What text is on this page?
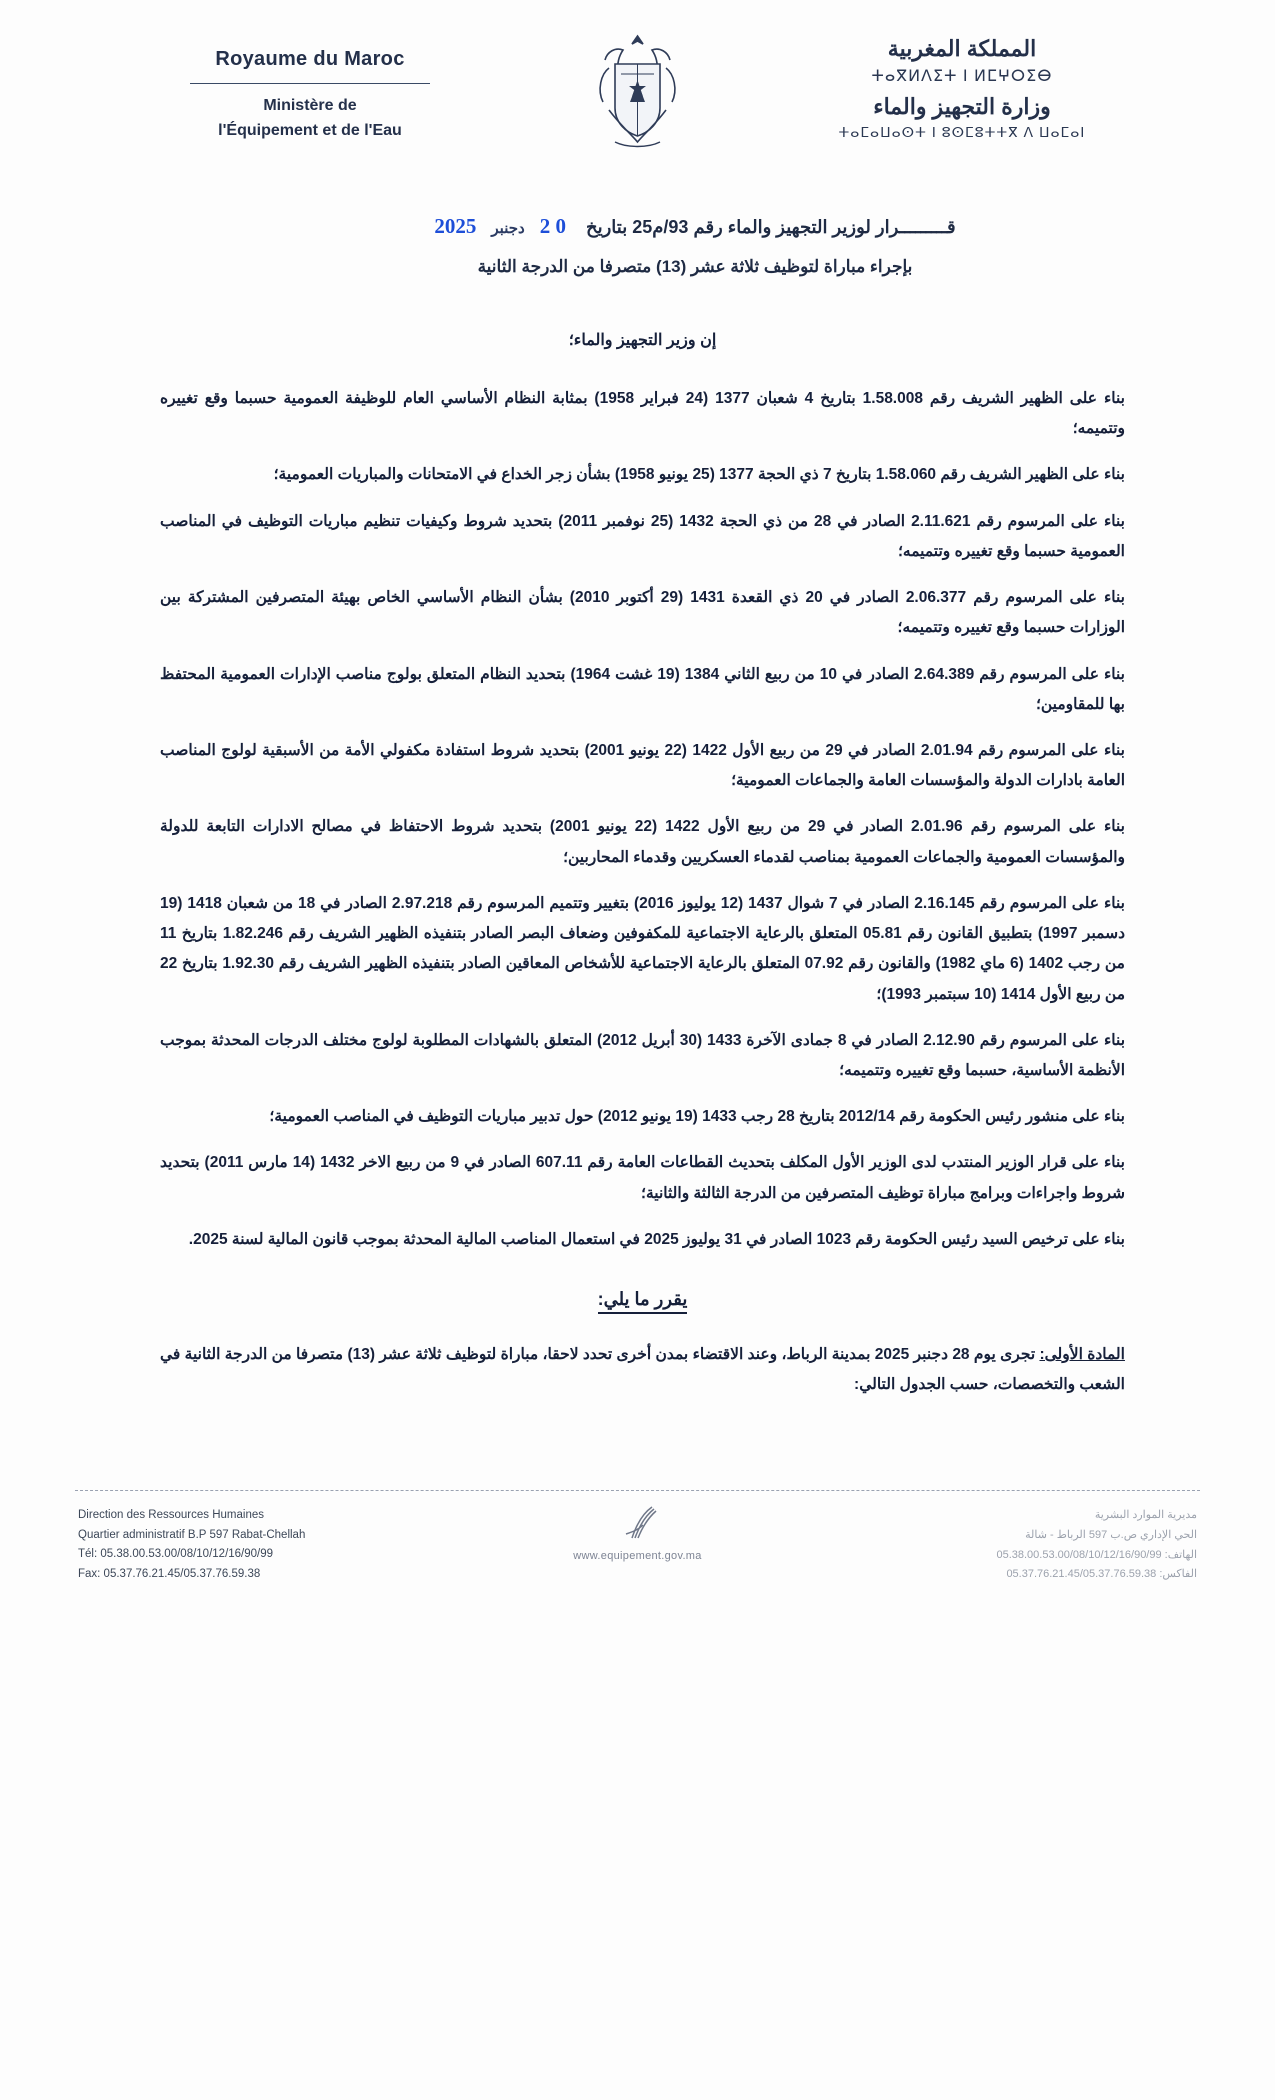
Royaume du Maroc
Ministère de
l'Équipement et de l'Eau
المملكة المغربية
ⵜⴰⴳⵍⴷⵉⵜ ⵏ ⵍⵎⵖⵔⵉⴱ
وزارة التجهيز والماء
ⵜⴰⵎⴰⵡⴰⵙⵜ ⵏ ⵓⵙⵎⵓⵜⵜⴳ ⴷ ⵡⴰⵎⴰⵏ
قـــــــــرار لوزير التجهيز والماء رقم 93/م25 بتاريخ    0 2   دجنبر   2025
بإجراء مباراة لتوظيف ثلاثة عشر (13) متصرفا من الدرجة الثانية
إن وزير التجهيز والماء؛
بناء على الظهير الشريف رقم 1.58.008 بتاريخ 4 شعبان 1377 (24 فبراير 1958) بمثابة النظام الأساسي العام للوظيفة العمومية حسبما وقع تغييره وتتميمه؛
بناء على الظهير الشريف رقم 1.58.060 بتاريخ 7 ذي الحجة 1377 (25 يونيو 1958) بشأن زجر الخداع في الامتحانات والمباريات العمومية؛
بناء على المرسوم رقم 2.11.621 الصادر في 28 من ذي الحجة 1432 (25 نوفمبر 2011) بتحديد شروط وكيفيات تنظيم مباريات التوظيف في المناصب العمومية حسبما وقع تغييره وتتميمه؛
بناء على المرسوم رقم 2.06.377 الصادر في 20 ذي القعدة 1431 (29 أكتوبر 2010) بشأن النظام الأساسي الخاص بهيئة المتصرفين المشتركة بين الوزارات حسبما وقع تغييره وتتميمه؛
بناء على المرسوم رقم 2.64.389 الصادر في 10 من ربيع الثاني 1384 (19 غشت 1964) بتحديد النظام المتعلق بولوج مناصب الإدارات العمومية المحتفظ بها للمقاومين؛
بناء على المرسوم رقم 2.01.94 الصادر في 29 من ربيع الأول 1422 (22 يونيو 2001) بتحديد شروط استفادة مكفولي الأمة من الأسبقية لولوج المناصب العامة بادارات الدولة والمؤسسات العامة والجماعات العمومية؛
بناء على المرسوم رقم 2.01.96 الصادر في 29 من ربيع الأول 1422 (22 يونيو 2001) بتحديد شروط الاحتفاظ في مصالح الادارات التابعة للدولة والمؤسسات العمومية والجماعات العمومية بمناصب لقدماء العسكريين وقدماء المحاربين؛
بناء على المرسوم رقم 2.16.145 الصادر في 7 شوال 1437 (12 يوليوز 2016) بتغيير وتتميم المرسوم رقم 2.97.218 الصادر في 18 من شعبان 1418 (19 دسمبر 1997) بتطبيق القانون رقم 05.81 المتعلق بالرعاية الاجتماعية للمكفوفين وضعاف البصر الصادر بتنفيذه الظهير الشريف رقم 1.82.246 بتاريخ 11 من رجب 1402 (6 ماي 1982) والقانون رقم 07.92 المتعلق بالرعاية الاجتماعية للأشخاص المعاقين الصادر بتنفيذه الظهير الشريف رقم 1.92.30 بتاريخ 22 من ربيع الأول 1414 (10 سبتمبر 1993)؛
بناء على المرسوم رقم 2.12.90 الصادر في 8 جمادى الآخرة 1433 (30 أبريل 2012) المتعلق بالشهادات المطلوبة لولوج مختلف الدرجات المحدثة بموجب الأنظمة الأساسية، حسبما وقع تغييره وتتميمه؛
بناء على منشور رئيس الحكومة رقم 2012/14 بتاريخ 28 رجب 1433 (19 يونيو 2012) حول تدبير مباريات التوظيف في المناصب العمومية؛
بناء على قرار الوزير المنتدب لدى الوزير الأول المكلف بتحديث القطاعات العامة رقم 607.11 الصادر في 9 من ربيع الاخر 1432 (14 مارس 2011) بتحديد شروط واجراءات وبرامج مباراة توظيف المتصرفين من الدرجة الثالثة والثانية؛
بناء على ترخيص السيد رئيس الحكومة رقم 1023 الصادر في 31 يوليوز 2025 في استعمال المناصب المالية المحدثة بموجب قانون المالية لسنة 2025.
يقرر ما يلي:
المادة الأولى: تجرى يوم 28 دجنبر 2025 بمدينة الرباط، وعند الاقتضاء بمدن أخرى تحدد لاحقا، مباراة لتوظيف ثلاثة عشر (13) متصرفا من الدرجة الثانية في الشعب والتخصصات، حسب الجدول التالي:
Direction des Ressources Humaines
Quartier administratif B.P 597 Rabat-Chellah
Tél: 05.38.00.53.00/08/10/12/16/90/99
Fax: 05.37.76.21.45/05.37.76.59.38
www.equipement.gov.ma
مديرية الموارد البشرية
الحي الإداري ص.ب 597 الرباط - شالة
الهاتف: 05.38.00.53.00/08/10/12/16/90/99
الفاكس: 05.37.76.21.45/05.37.76.59.38
